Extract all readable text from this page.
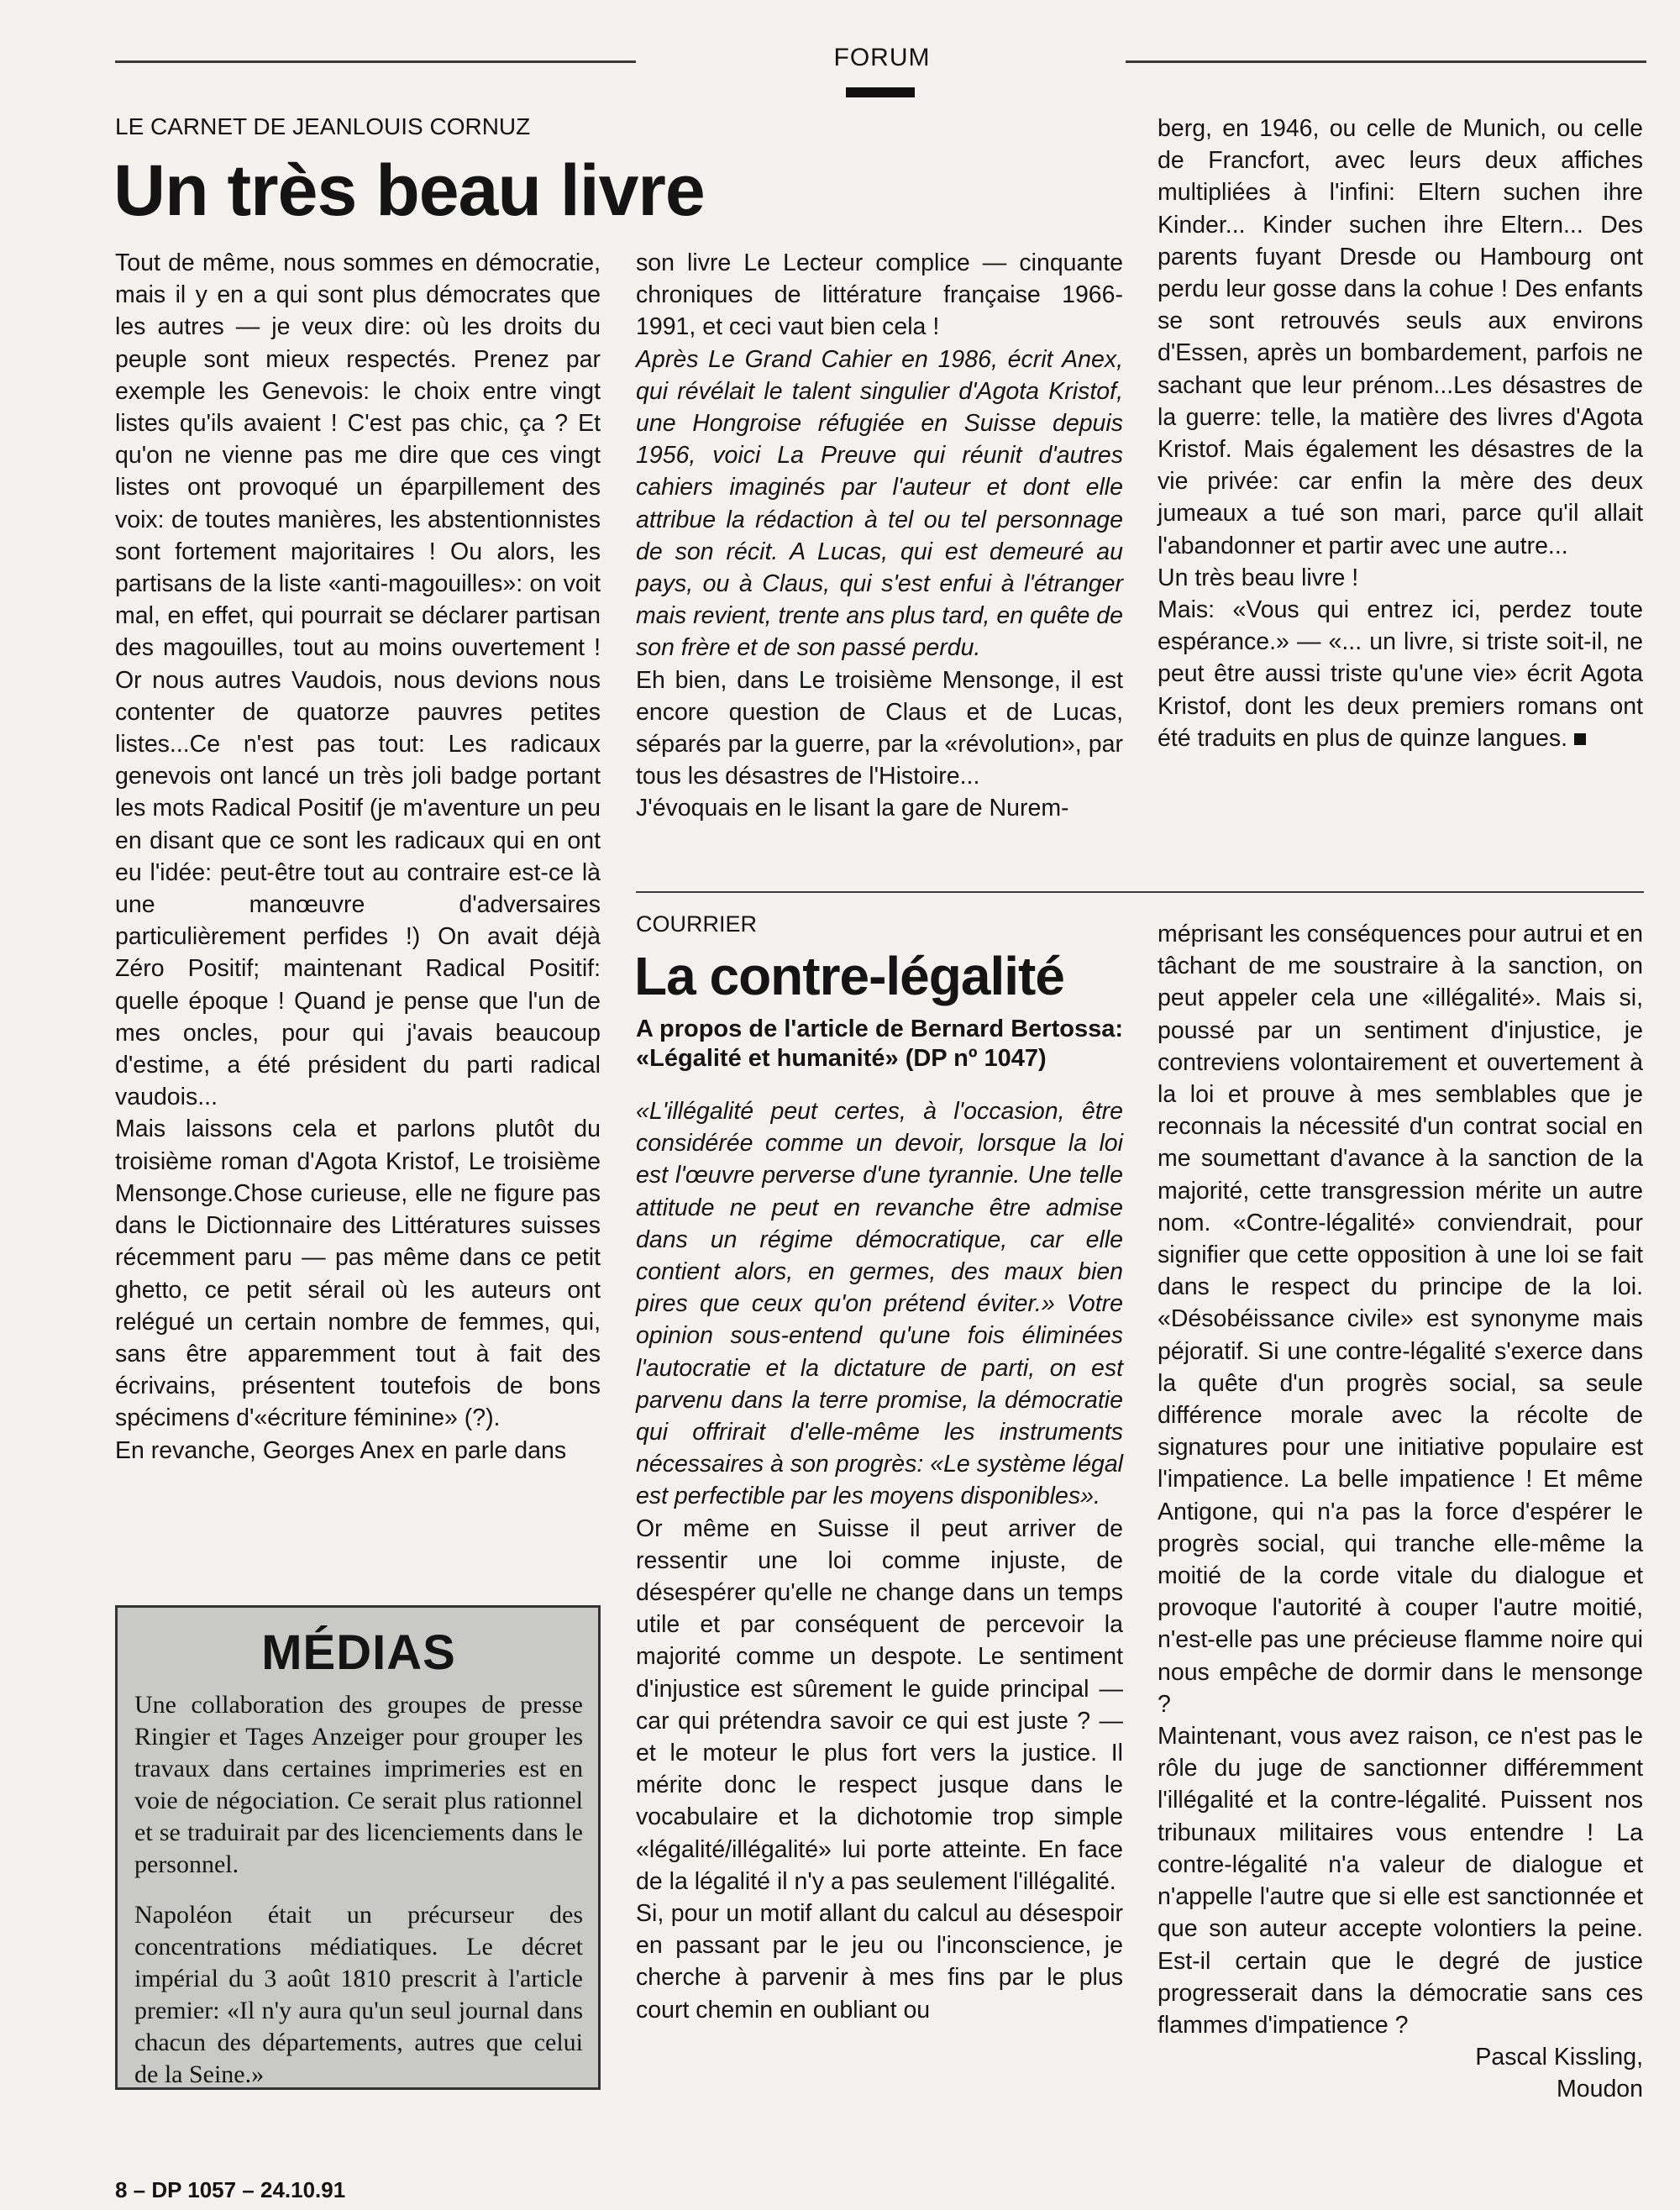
FORUM
LE CARNET DE JEANLOUIS CORNUZ
Un très beau livre

Tout de même, nous sommes en démocratie, mais il y en a qui sont plus démocrates que les autres — je veux dire: où les droits du peuple sont mieux respectés. Prenez par exemple les Genevois: le choix entre vingt listes qu'ils avaient ! C'est pas chic, ça ? Et qu'on ne vienne pas me dire que ces vingt listes ont provoqué un éparpillement des voix: de toutes manières, les abstentionnistes sont fortement majoritaires ! Ou alors, les partisans de la liste «anti-magouilles»: on voit mal, en effet, qui pourrait se déclarer partisan des magouilles, tout au moins ouvertement ! Or nous autres Vaudois, nous devions nous contenter de quatorze pauvres petites listes...Ce n'est pas tout: Les radicaux genevois ont lancé un très joli badge portant les mots Radical Positif (je m'aventure un peu en disant que ce sont les radicaux qui en ont eu l'idée: peut-être tout au contraire est-ce là une manœuvre d'adversaires particulièrement perfides !) On avait déjà Zéro Positif; maintenant Radical Positif: quelle époque ! Quand je pense que l'un de mes oncles, pour qui j'avais beaucoup d'estime, a été président du parti radical vaudois...

Mais laissons cela et parlons plutôt du troisième roman d'Agota Kristof, Le troisième Mensonge.Chose curieuse, elle ne figure pas dans le Dictionnaire des Littératures suisses récemment paru — pas même dans ce petit ghetto, ce petit sérail où les auteurs ont relégué un certain nombre de femmes, qui, sans être apparemment tout à fait des écrivains, présentent toutefois de bons spécimens d'«écriture féminine» (?).

En revanche, Georges Anex en parle dans

son livre Le Lecteur complice — cinquante chroniques de littérature française 1966-1991, et ceci vaut bien cela !

Après Le Grand Cahier en 1986, écrit Anex, qui révélait le talent singulier d'Agota Kristof, une Hongroise réfugiée en Suisse depuis 1956, voici La Preuve qui réunit d'autres cahiers imaginés par l'auteur et dont elle attribue la rédaction à tel ou tel personnage de son récit. A Lucas, qui est demeuré au pays, ou à Claus, qui s'est enfui à l'étranger mais revient, trente ans plus tard, en quête de son frère et de son passé perdu.

Eh bien, dans Le troisième Mensonge, il est encore question de Claus et de Lucas, séparés par la guerre, par la «révolution», par tous les désastres de l'Histoire...

J'évoquais en le lisant la gare de Nurem-

berg, en 1946, ou celle de Munich, ou celle de Francfort, avec leurs deux affiches multipliées à l'infini: Eltern suchen ihre Kinder... Kinder suchen ihre Eltern... Des parents fuyant Dresde ou Hambourg ont perdu leur gosse dans la cohue ! Des enfants se sont retrouvés seuls aux environs d'Essen, après un bombardement, parfois ne sachant que leur prénom...Les désastres de la guerre: telle, la matière des livres d'Agota Kristof. Mais également les désastres de la vie privée: car enfin la mère des deux jumeaux a tué son mari, parce qu'il allait l'abandonner et partir avec une autre...

Un très beau livre !

Mais: «Vous qui entrez ici, perdez toute espérance.» — «... un livre, si triste soit-il, ne peut être aussi triste qu'une vie» écrit Agota Kristof, dont les deux premiers romans ont été traduits en plus de quinze langues.

COURRIER
La contre-légalité

A propos de l'article de Bernard Bertossa: «Légalité et humanité» (DP nº 1047)

«L'illégalité peut certes, à l'occasion, être considérée comme un devoir, lorsque la loi est l'œuvre perverse d'une tyrannie. Une telle attitude ne peut en revanche être admise dans un régime démocratique, car elle contient alors, en germes, des maux bien pires que ceux qu'on prétend éviter.» Votre opinion sous-entend qu'une fois éliminées l'autocratie et la dictature de parti, on est parvenu dans la terre promise, la démocratie qui offrirait d'elle-même les instruments nécessaires à son progrès: «Le système légal est perfectible par les moyens disponibles».

Or même en Suisse il peut arriver de ressentir une loi comme injuste, de désespérer qu'elle ne change dans un temps utile et par conséquent de percevoir la majorité comme un despote. Le sentiment d'injustice est sûrement le guide principal — car qui prétendra savoir ce qui est juste ? — et le moteur le plus fort vers la justice. Il mérite donc le respect jusque dans le vocabulaire et la dichotomie trop simple «légalité/illégalité» lui porte atteinte. En face de la légalité il n'y a pas seulement l'illégalité.

Si, pour un motif allant du calcul au désespoir en passant par le jeu ou l'inconscience, je cherche à parvenir à mes fins par le plus court chemin en oubliant ou

méprisant les conséquences pour autrui et en tâchant de me soustraire à la sanction, on peut appeler cela une «illégalité». Mais si, poussé par un sentiment d'injustice, je contreviens volontairement et ouvertement à la loi et prouve à mes semblables que je reconnais la nécessité d'un contrat social en me soumettant d'avance à la sanction de la majorité, cette transgression mérite un autre nom. «Contre-légalité» conviendrait, pour signifier que cette opposition à une loi se fait dans le respect du principe de la loi. «Désobéissance civile» est synonyme mais péjoratif. Si une contre-légalité s'exerce dans la quête d'un progrès social, sa seule différence morale avec la récolte de signatures pour une initiative populaire est l'impatience. La belle impatience ! Et même Antigone, qui n'a pas la force d'espérer le progrès social, qui tranche elle-même la moitié de la corde vitale du dialogue et provoque l'autorité à couper l'autre moitié, n'est-elle pas une précieuse flamme noire qui nous empêche de dormir dans le mensonge ?

Maintenant, vous avez raison, ce n'est pas le rôle du juge de sanctionner différemment l'illégalité et la contre-légalité. Puissent nos tribunaux militaires vous entendre ! La contre-légalité n'a valeur de dialogue et n'appelle l'autre que si elle est sanctionnée et que son auteur accepte volontiers la peine. Est-il certain que le degré de justice progresserait dans la démocratie sans ces flammes d'impatience ?

Pascal Kissling,

Moudon

MÉDIAS

Une collaboration des groupes de presse Ringier et Tages Anzeiger pour grouper les travaux dans certaines imprimeries est en voie de négociation. Ce serait plus rationnel et se traduirait par des licenciements dans le personnel.

Napoléon était un précurseur des concentrations médiatiques. Le décret impérial du 3 août 1810 prescrit à l'article premier: «Il n'y aura qu'un seul journal dans chacun des départements, autres que celui de la Seine.»

8 – DP 1057 – 24.10.91
